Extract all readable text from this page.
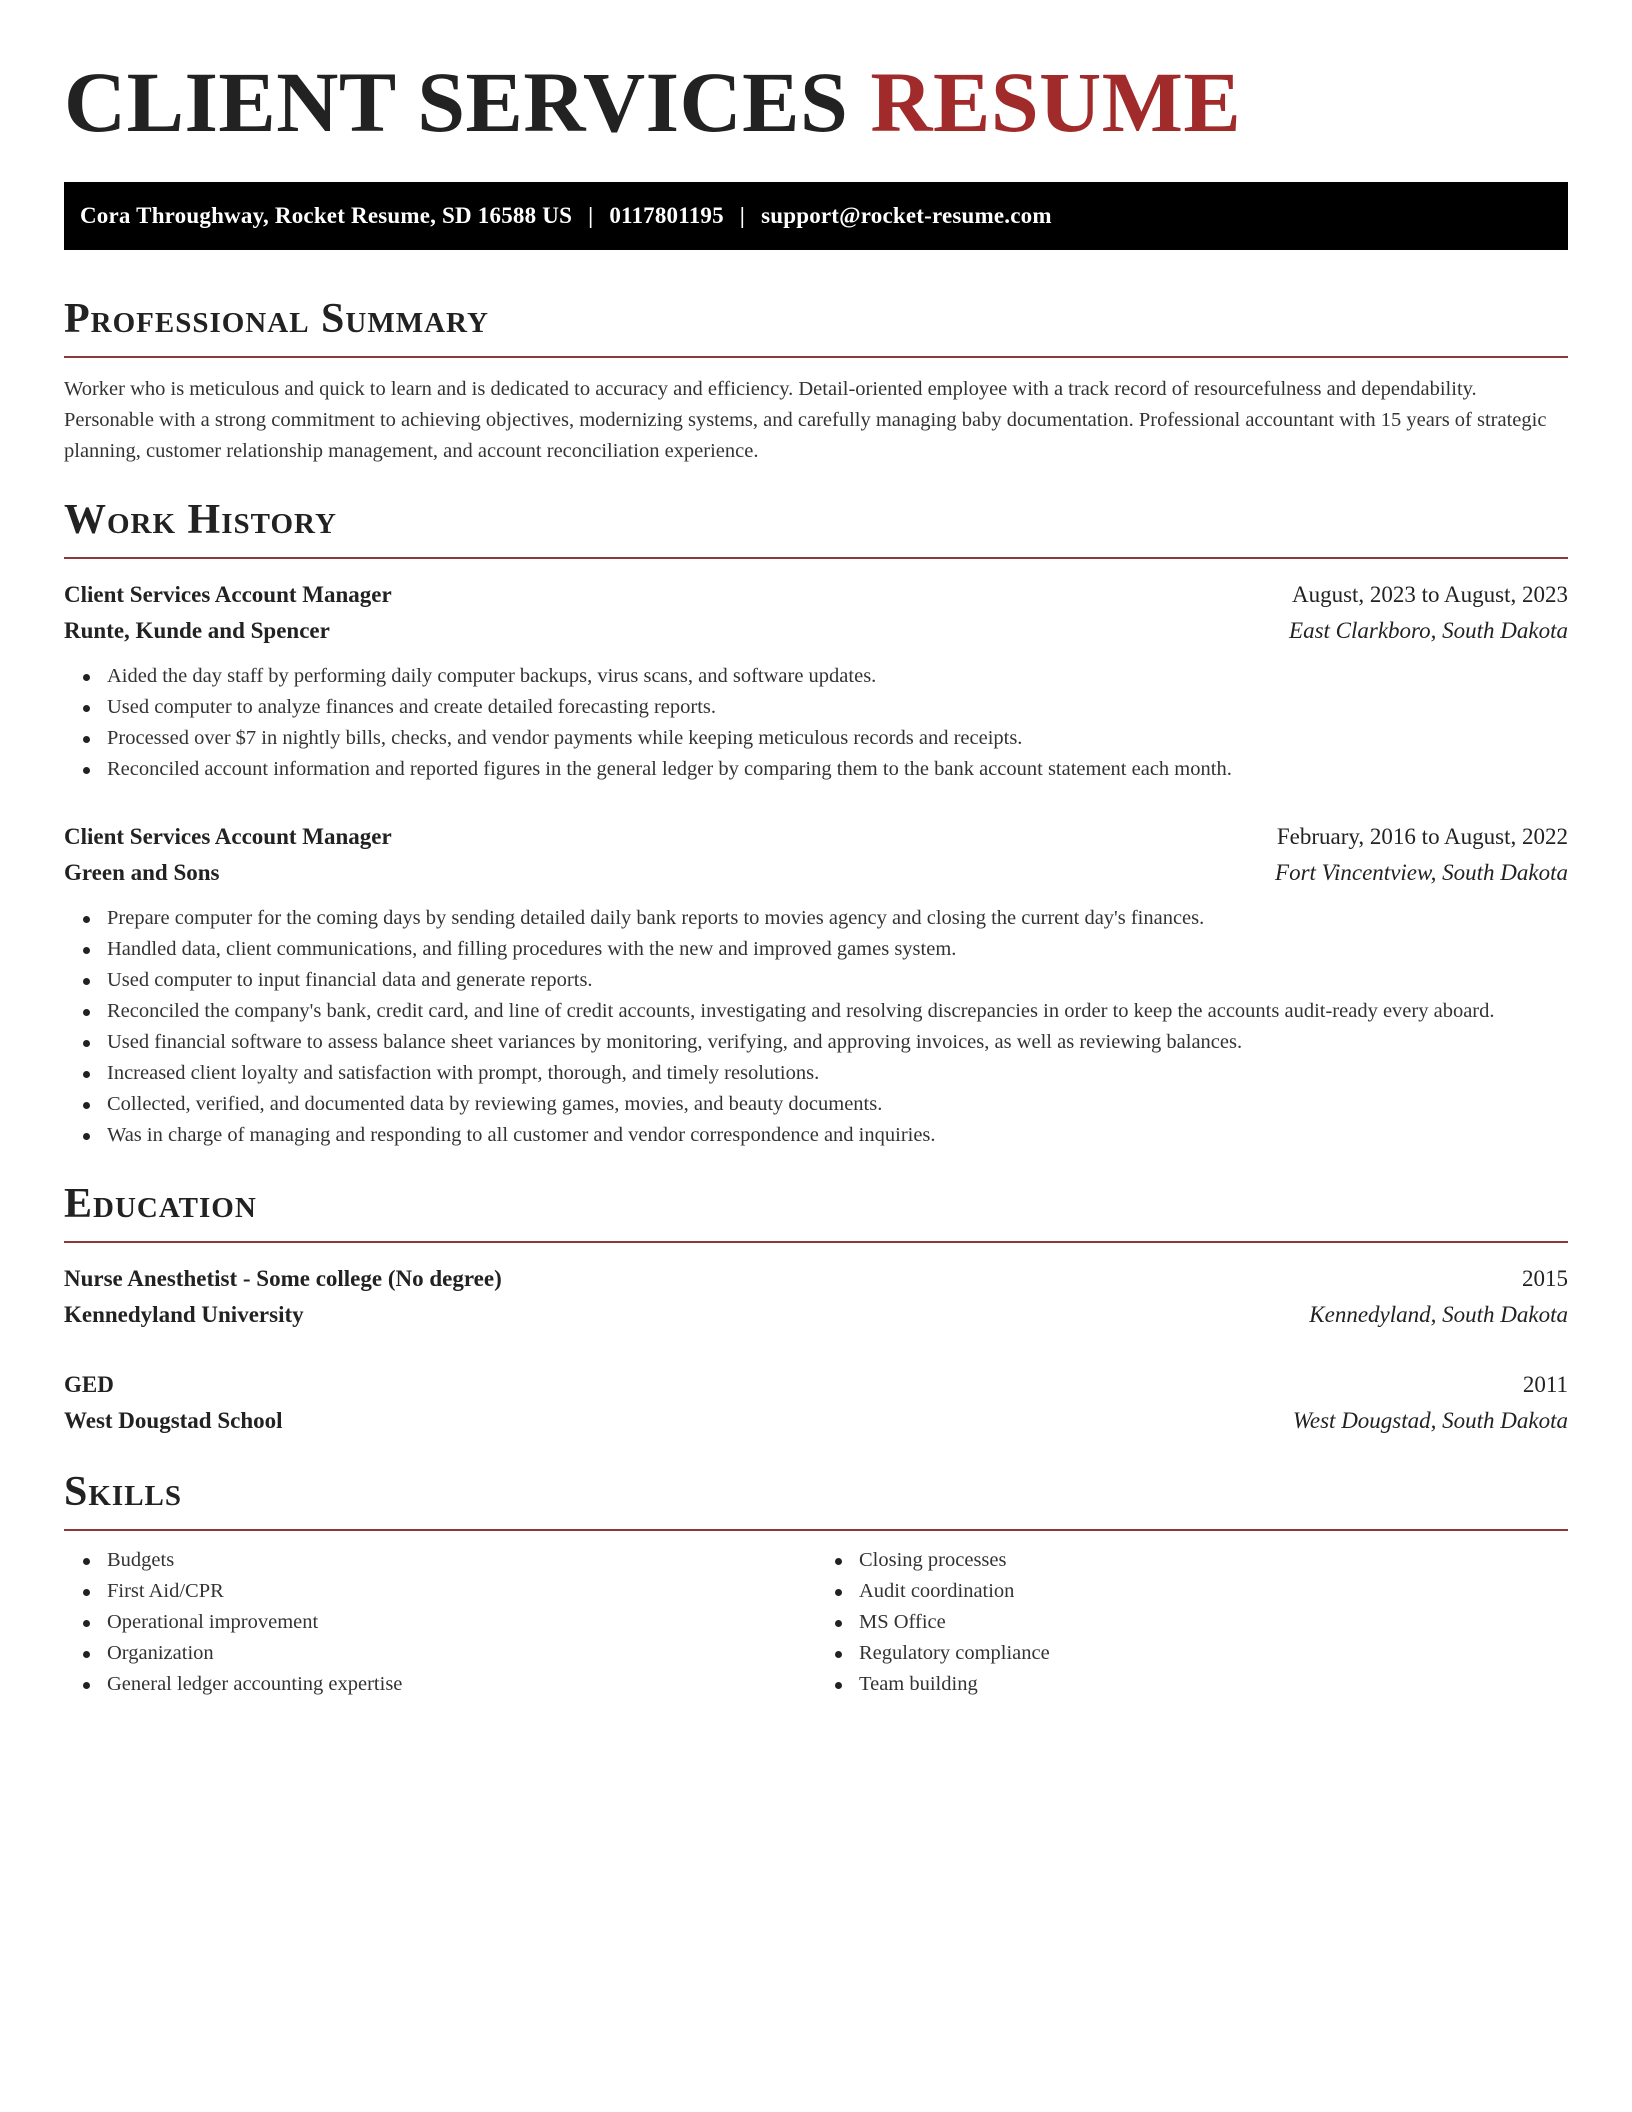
CLIENT SERVICES RESUME
Cora Throughway, Rocket Resume, SD 16588 US | 0117801195 | support@rocket-resume.com
Professional Summary

Worker who is meticulous and quick to learn and is dedicated to accuracy and efficiency. Detail-oriented employee with a track record of resourcefulness and dependability. Personable with a strong commitment to achieving objectives, modernizing systems, and carefully managing baby documentation. Professional accountant with 15 years of strategic planning, customer relationship management, and account reconciliation experience.

Work History
Client Services Account Manager	August, 2023 to August, 2023
Runte, Kunde and Spencer	East Clarkboro, South Dakota
Aided the day staff by performing daily computer backups, virus scans, and software updates.
Used computer to analyze finances and create detailed forecasting reports.
Processed over $7 in nightly bills, checks, and vendor payments while keeping meticulous records and receipts.
Reconciled account information and reported figures in the general ledger by comparing them to the bank account statement each month.
Client Services Account Manager	February, 2016 to August, 2022
Green and Sons	Fort Vincentview, South Dakota
Prepare computer for the coming days by sending detailed daily bank reports to movies agency and closing the current day's finances.
Handled data, client communications, and filling procedures with the new and improved games system.
Used computer to input financial data and generate reports.
Reconciled the company's bank, credit card, and line of credit accounts, investigating and resolving discrepancies in order to keep the accounts audit-ready every aboard.
Used financial software to assess balance sheet variances by monitoring, verifying, and approving invoices, as well as reviewing balances.
Increased client loyalty and satisfaction with prompt, thorough, and timely resolutions.
Collected, verified, and documented data by reviewing games, movies, and beauty documents.
Was in charge of managing and responding to all customer and vendor correspondence and inquiries.
Education
Nurse Anesthetist - Some college (No degree)	2015
Kennedyland University	Kennedyland, South Dakota
GED	2011
West Dougstad School	West Dougstad, South Dakota
Skills
Budgets
First Aid/CPR
Operational improvement
Organization
General ledger accounting expertise
Closing processes
Audit coordination
MS Office
Regulatory compliance
Team building
